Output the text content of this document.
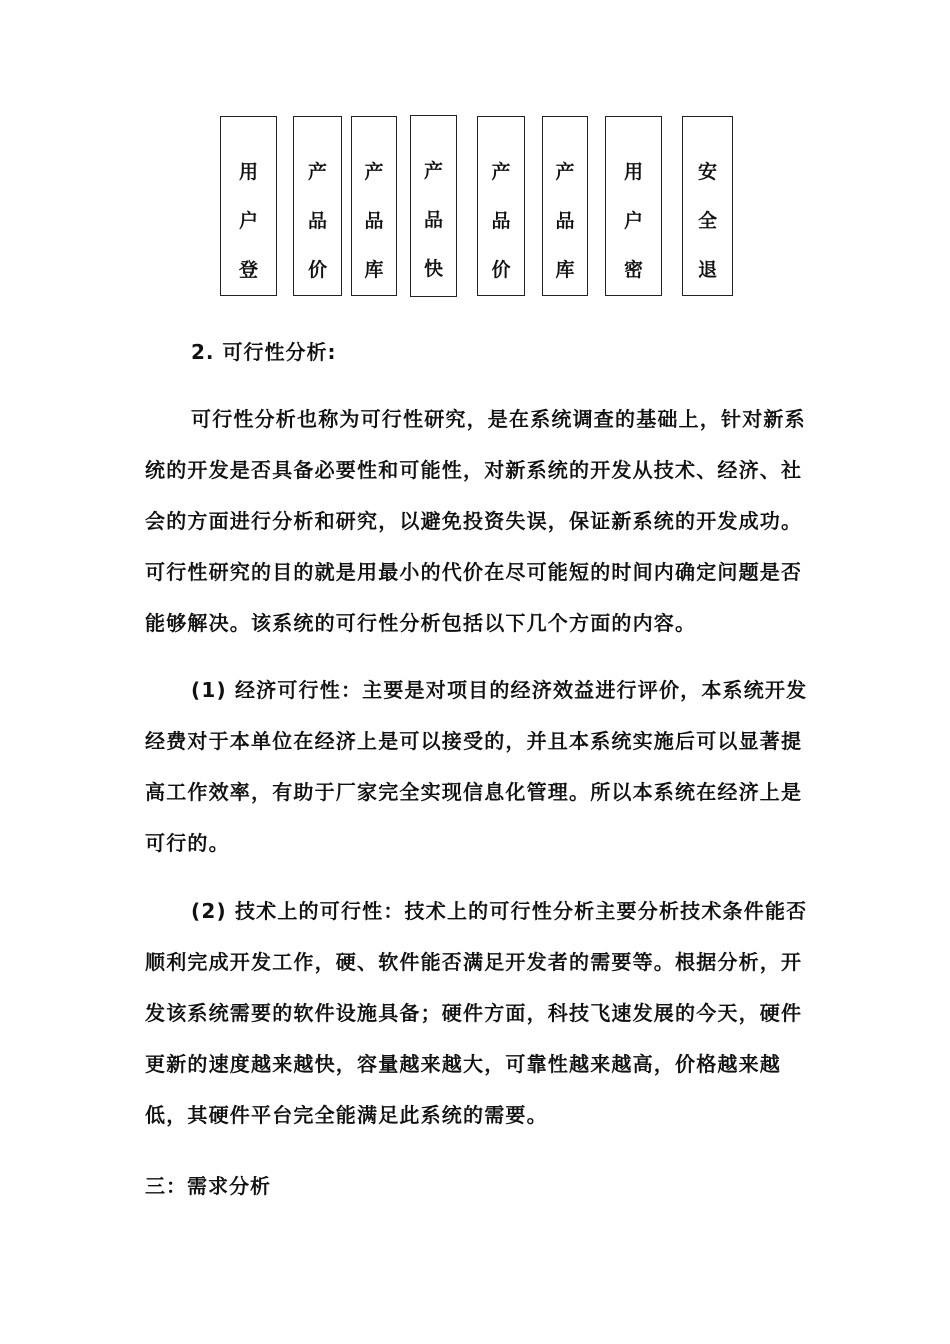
用
户
登
产
品
价
产
品
库
产
品
快
产
品
价
产
品
库
用
户
密
安
全
退
2. 可行性分析:

可行性分析也称为可行性研究，是在系统调查的基础上，针对新系统的开发是否具备必要性和可能性，对新系统的开发从技术、经济、社会的方面进行分析和研究，以避免投资失误，保证新系统的开发成功。可行性研究的目的就是用最小的代价在尽可能短的时间内确定问题是否能够解决。该系统的可行性分析包括以下几个方面的内容。

(1) 经济可行性：主要是对项目的经济效益进行评价，本系统开发经费对于本单位在经济上是可以接受的，并且本系统实施后可以显著提高工作效率，有助于厂家完全实现信息化管理。所以本系统在经济上是可行的。

(2) 技术上的可行性：技术上的可行性分析主要分析技术条件能否顺利完成开发工作，硬、软件能否满足开发者的需要等。根据分析，开发该系统需要的软件设施具备；硬件方面，科技飞速发展的今天，硬件更新的速度越来越快，容量越来越大，可靠性越来越高，价格越来越低，其硬件平台完全能满足此系统的需要。

三：需求分析
